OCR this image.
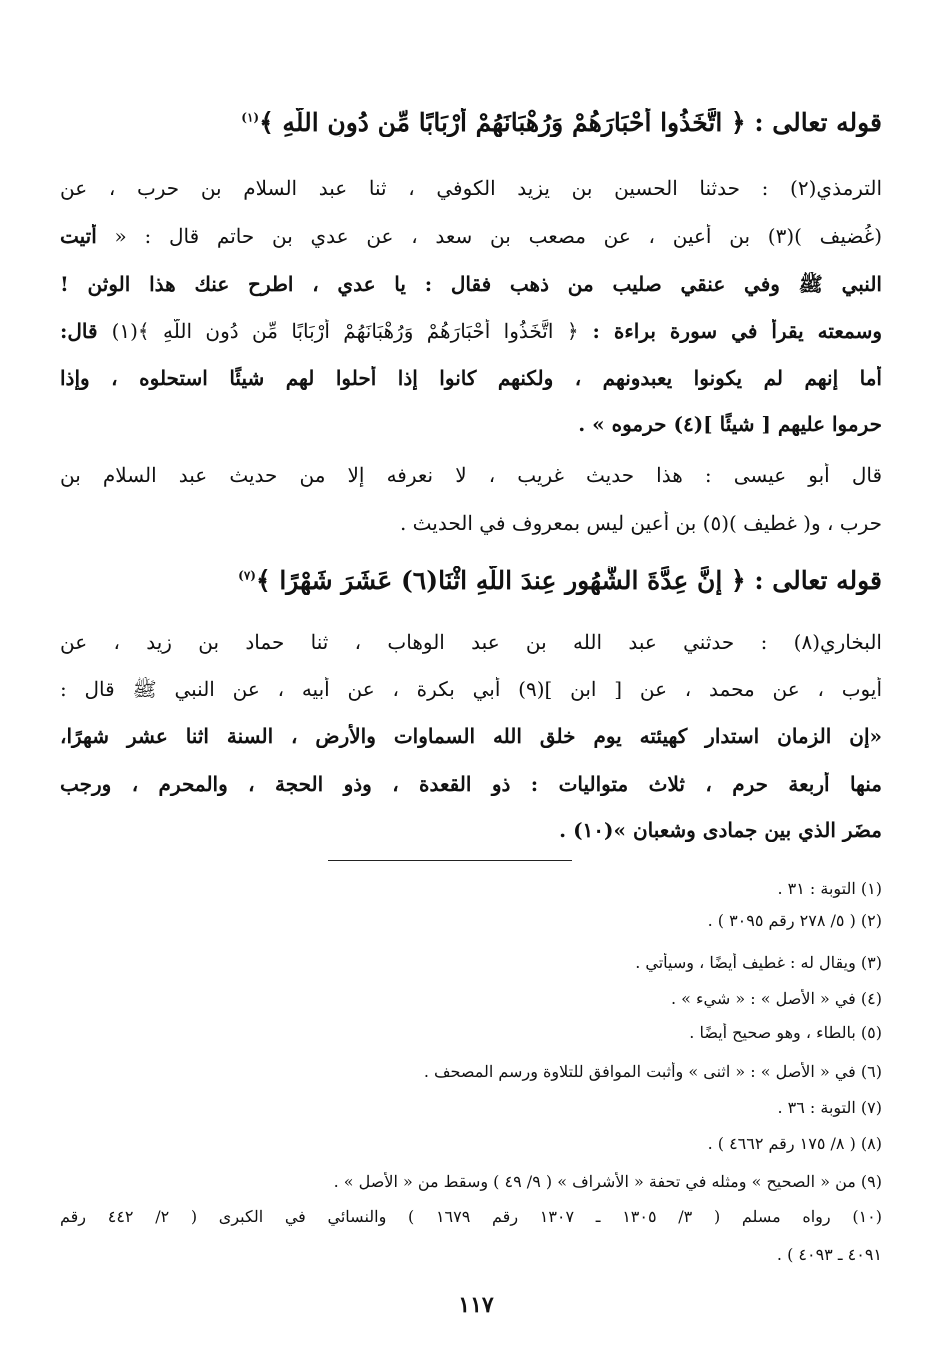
قوله تعالى : ﴿ اتَّخَذُوا أَحْبَارَهُمْ وَرُهْبَانَهُمْ أَرْبَابًا مِّن دُونِ اللَّهِ ﴾$^{(١)}$
الترمذي(٢) : حدثنا الحسين بن يزيد الكوفي ، ثنا عبد السلام بن حرب ، عن
(غُضيف )(٣) بن أعين ، عن مصعب بن سعد ، عن عدي بن حاتم قال : « أتيت
النبي ﷺ وفي عنقي صليب من ذهب فقال : يا عدي ، اطرح عنك هذا الوثن !
وسمعته يقرأ في سورة براءة : ﴿ اتَّخَذُوا أَحْبَارَهُمْ وَرُهْبَانَهُمْ أَرْبَابًا مِّن دُونِ اللَّهِ ﴾(١) قال:
أما إنهم لم يكونوا يعبدونهم ، ولكنهم كانوا إذا أحلوا لهم شيئًا استحلوه ، وإذا
حرموا عليهم [ شيئًا ](٤) حرموه » .
قال أبو عيسى : هذا حديث غريب ، لا نعرفه إلا من حديث عبد السلام بن
حرب ، و( غطيف )(٥) بن أعين ليس بمعروف في الحديث .
قوله تعالى : ﴿ إِنَّ عِدَّةَ الشُّهُورِ عِندَ اللَّهِ اثْنَا(٦) عَشَرَ شَهْرًا ﴾$^{(٧)}$
البخاري(٨) : حدثني عبد الله بن عبد الوهاب ، ثنا حماد بن زيد ، عن
أيوب ، عن محمد ، عن [ ابن ](٩) أبي بكرة ، عن أبيه ، عن النبي ﷺ قال :
«إن الزمان استدار كهيئته يوم خلق الله السماوات والأرض ، السنة اثنا عشر شهرًا،
منها أربعة حرم ، ثلاث متواليات : ذو القعدة ، وذو الحجة ، والمحرم ، ورجب
مضَر الذي بين جمادى وشعبان »(١٠) .
(١) التوبة : ٣١ .
(٢) ( ٥/ ٢٧٨ رقم ٣٠٩٥ ) .
(٣) ويقال له : غطيف أيضًا ، وسيأتي .
(٤) في « الأصل » : « شيء » .
(٥) بالطاء ، وهو صحيح أيضًا .
(٦) في « الأصل » : « اثنى » وأثبت الموافق للتلاوة ورسم المصحف .
(٧) التوبة : ٣٦ .
(٨) ( ٨/ ١٧٥ رقم ٤٦٦٢ ) .
(٩) من « الصحيح » ومثله في تحفة « الأشراف » ( ٩/ ٤٩ ) وسقط من « الأصل » .
(١٠) رواه مسلم ( ٣/ ١٣٠٥ ـ ١٣٠٧ رقم ١٦٧٩ ) والنسائي في الكبرى ( ٢/ ٤٤٢ رقم
٤٠٩١ ـ ٤٠٩٣ ) .
١١٧
